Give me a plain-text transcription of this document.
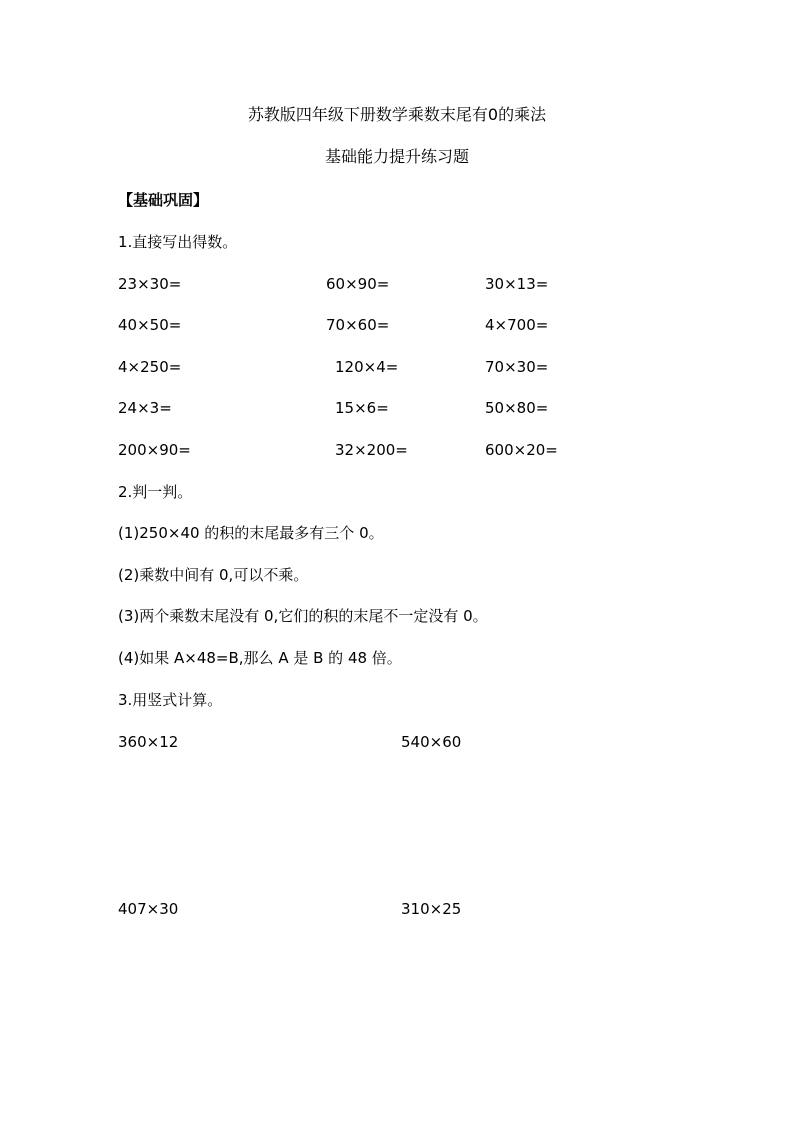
苏教版四年级下册数学乘数末尾有0的乘法
基础能力提升练习题
【基础巩固】
1.直接写出得数。
23×30=	60×90=	30×13=
40×50=	70×60=	4×700=
4×250=	120×4=	70×30=
24×3=	15×6=	50×80=
200×90=	32×200=	600×20=
2.判一判。
(1)250×40 的积的末尾最多有三个 0。
(2)乘数中间有 0,可以不乘。
(3)两个乘数末尾没有 0,它们的积的末尾不一定没有 0。
(4)如果 A×48=B,那么 A 是 B 的 48 倍。
3.用竖式计算。
360×12	540×60
407×30	310×25
